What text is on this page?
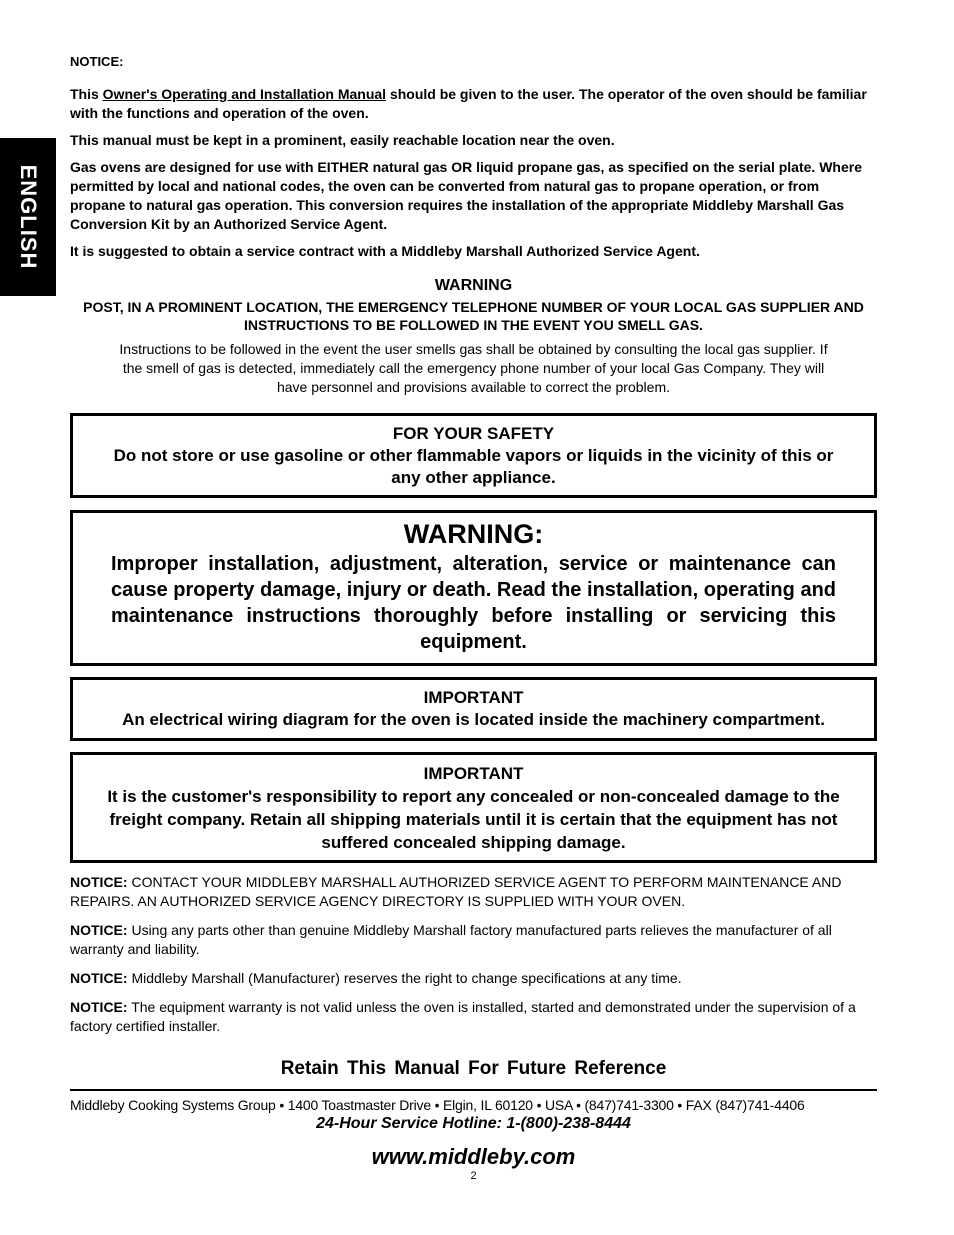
ENGLISH

NOTICE:

This Owner's Operating and Installation Manual should be given to the user. The operator of the oven should be familiar with the functions and operation of the oven.

This manual must be kept in a prominent, easily reachable location near the oven.

Gas ovens are designed for use with EITHER natural gas OR liquid propane gas, as specified on the serial plate. Where permitted by local and national codes, the oven can be converted from natural gas to propane operation, or from propane to natural gas operation. This conversion requires the installation of the appropriate Middleby Marshall Gas Conversion Kit by an Authorized Service Agent.

It is suggested to obtain a service contract with a Middleby Marshall Authorized Service Agent.

WARNING

POST, IN A PROMINENT LOCATION, THE EMERGENCY TELEPHONE NUMBER OF YOUR LOCAL GAS SUPPLIER AND INSTRUCTIONS TO BE FOLLOWED IN THE EVENT YOU SMELL GAS.

Instructions to be followed in the event the user smells gas shall be obtained by consulting the local gas supplier. If the smell of gas is detected, immediately call the emergency phone number of your local Gas Company. They will have personnel and provisions available to correct the problem.

FOR YOUR SAFETY

Do not store or use gasoline or other flammable vapors or liquids in the vicinity of this or any other appliance.

WARNING:

Improper installation, adjustment, alteration, service or maintenance can cause property damage, injury or death. Read the installation, operating and maintenance instructions thoroughly before installing or servicing this equipment.

IMPORTANT

An electrical wiring diagram for the oven is located inside the machinery compartment.

IMPORTANT

It is the customer's responsibility to report any concealed or non-concealed damage to the freight company. Retain all shipping materials until it is certain that the equipment has not suffered concealed shipping damage.

NOTICE: CONTACT YOUR MIDDLEBY MARSHALL AUTHORIZED SERVICE AGENT TO PERFORM MAINTENANCE AND REPAIRS. AN AUTHORIZED SERVICE AGENCY DIRECTORY IS SUPPLIED WITH YOUR OVEN.

NOTICE: Using any parts other than genuine Middleby Marshall factory manufactured parts relieves the manufacturer of all warranty and liability.

NOTICE: Middleby Marshall (Manufacturer) reserves the right to change specifications at any time.

NOTICE: The equipment warranty is not valid unless the oven is installed, started and demonstrated under the supervision of a factory certified installer.

Retain This Manual For Future Reference

Middleby Cooking Systems Group • 1400 Toastmaster Drive • Elgin, IL 60120 • USA • (847)741-3300 • FAX (847)741-4406

24-Hour Service Hotline: 1-(800)-238-8444

www.middleby.com

2
